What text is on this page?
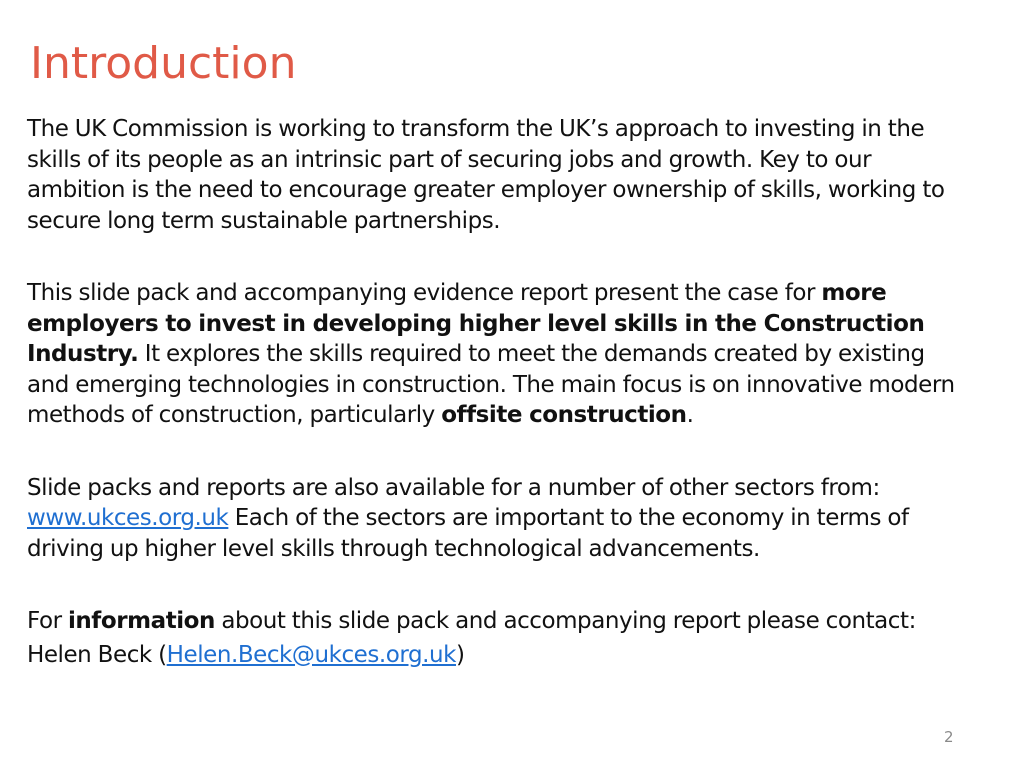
Introduction

The UK Commission is working to transform the UK’s approach to investing in the skills of its people as an intrinsic part of securing jobs and growth. Key to our ambition is the need to encourage greater employer ownership of skills, working to secure long term sustainable partnerships.

This slide pack and accompanying evidence report present the case for more employers to invest in developing higher level skills in the Construction Industry. It explores the skills required to meet the demands created by existing and emerging technologies in construction. The main focus is on innovative modern methods of construction, particularly offsite construction.

Slide packs and reports are also available for a number of other sectors from: www.ukces.org.uk Each of the sectors are important to the economy in terms of driving up higher level skills through technological advancements.

For information about this slide pack and accompanying report please contact:

Helen Beck (Helen.Beck@ukces.org.uk)

2
